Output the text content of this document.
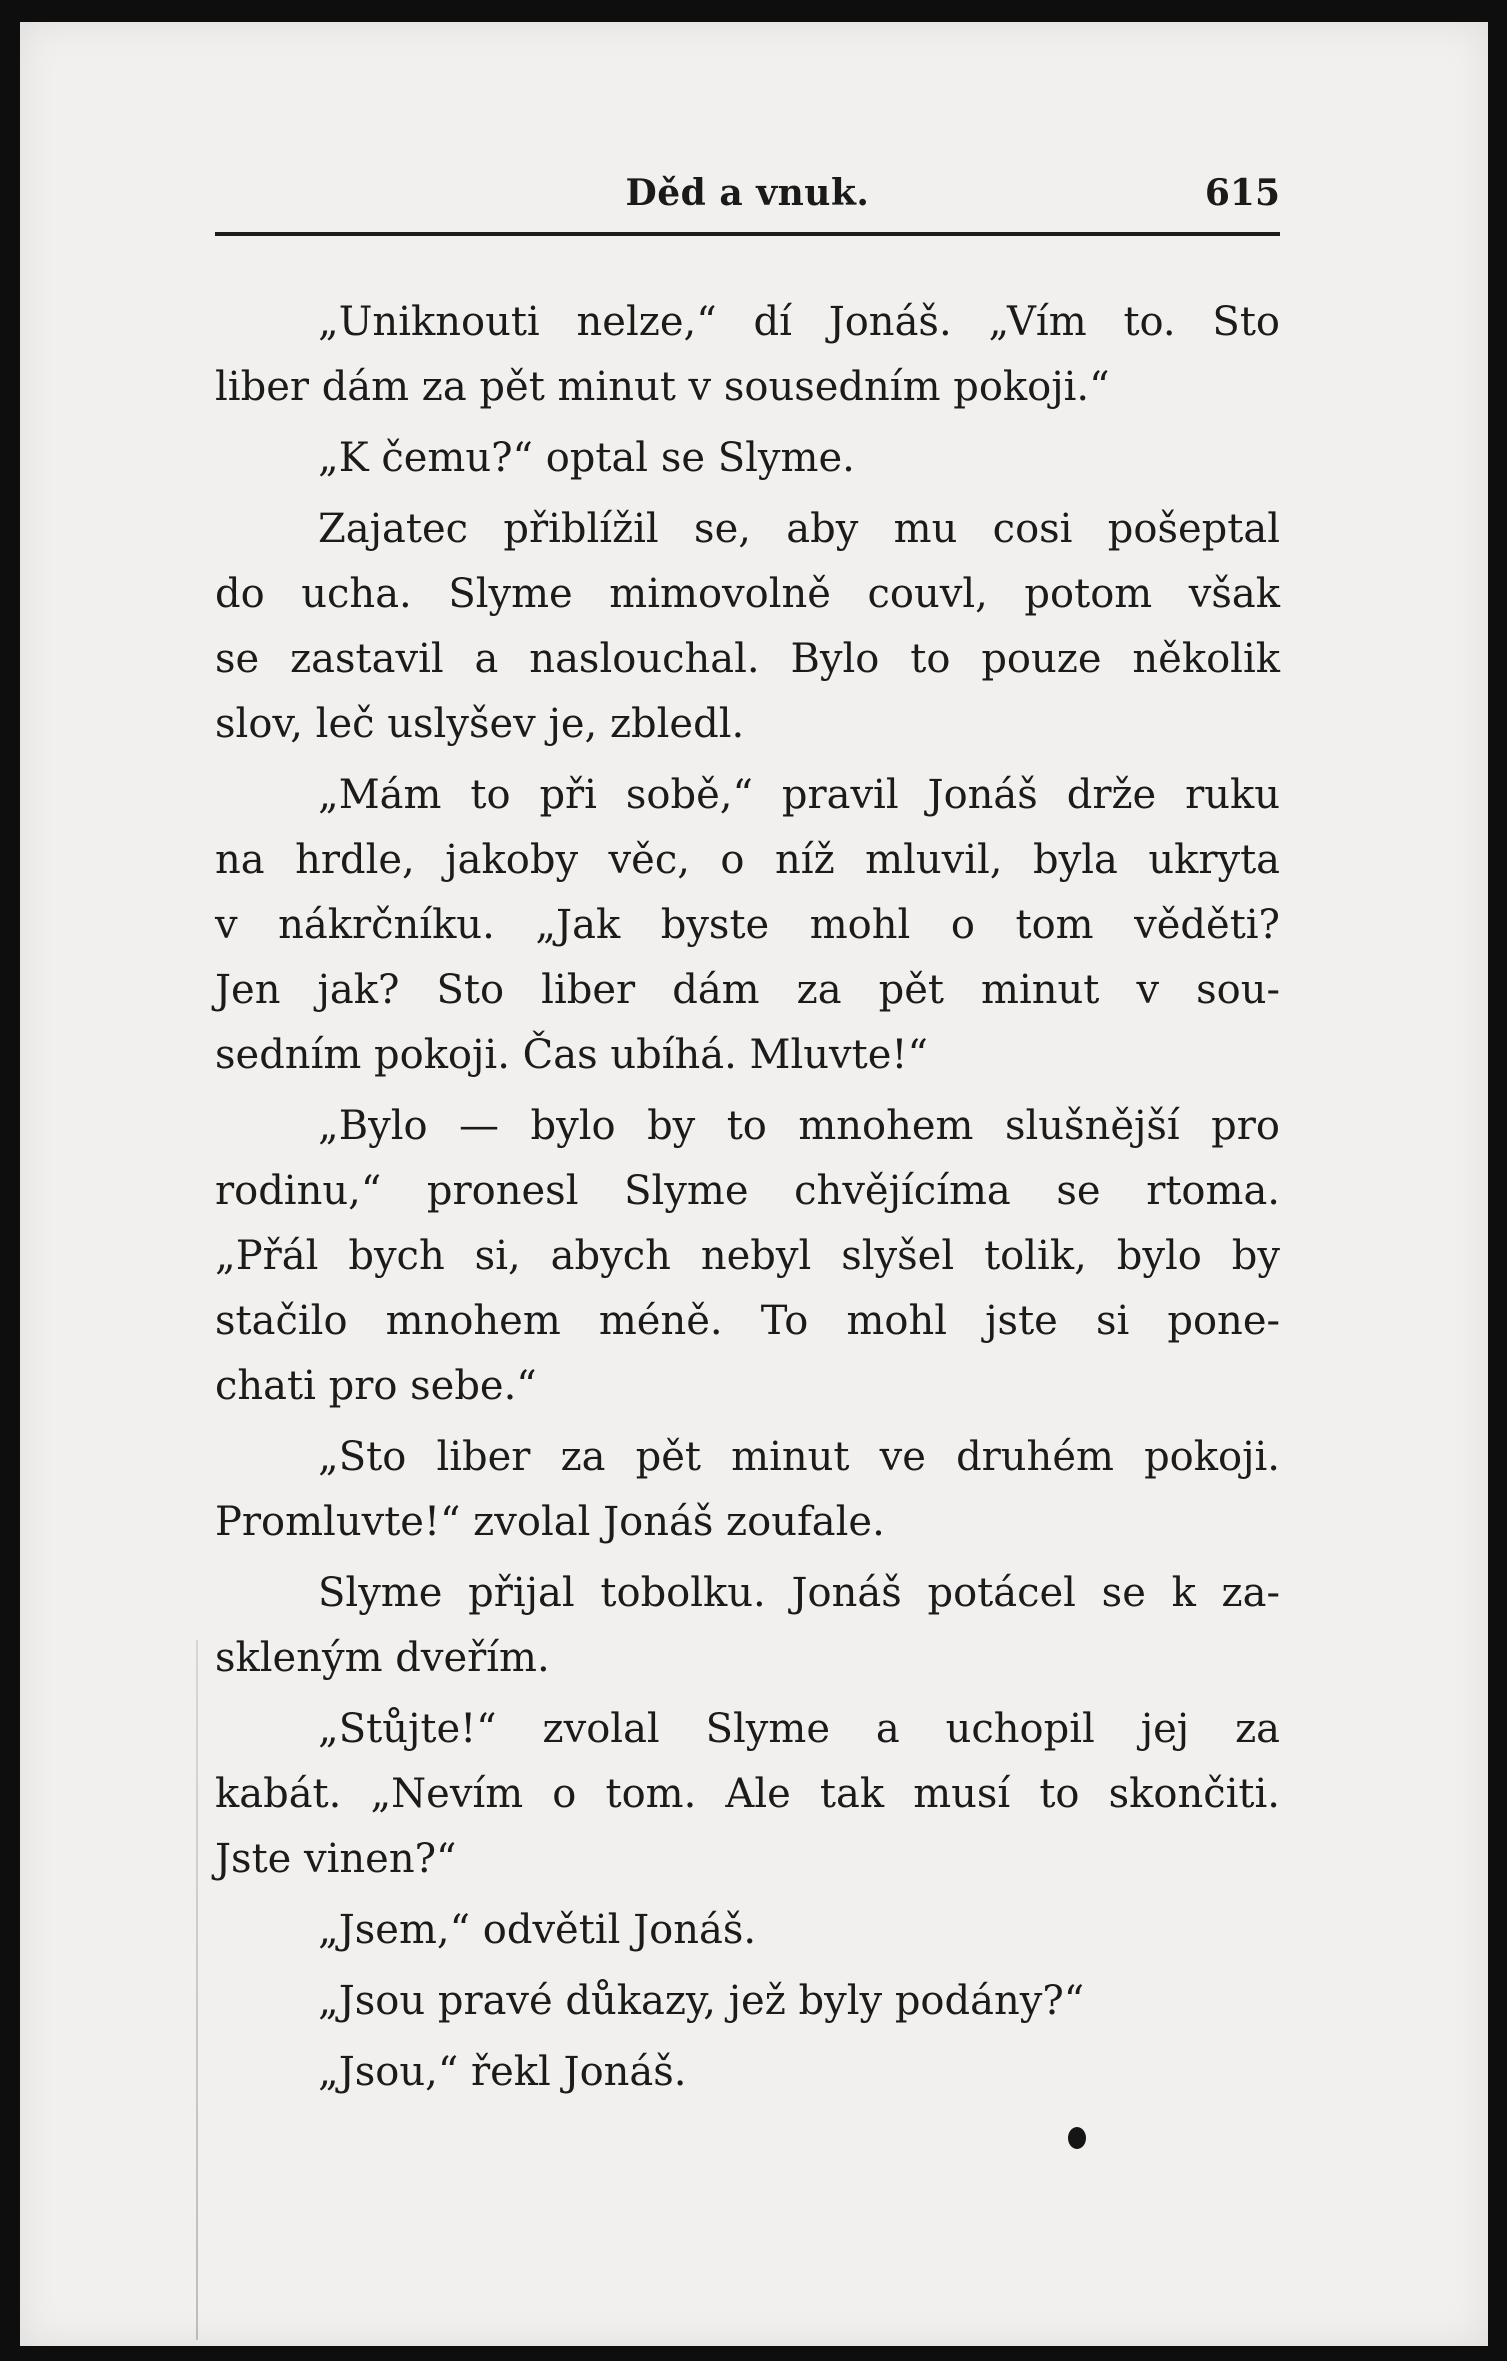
Děd a vnuk.	615
„Uniknouti nelze,“ dí Jonáš. „Vím to. Sto
liber dám za pět minut v sousedním pokoji.“
„K čemu?“ optal se Slyme.
Zajatec přiblížil se, aby mu cosi pošeptal
do ucha. Slyme mimovolně couvl, potom však
se zastavil a naslouchal. Bylo to pouze několik
slov, leč uslyšev je, zbledl.
„Mám to při sobě,“ pravil Jonáš drže ruku
na hrdle, jakoby věc, o níž mluvil, byla ukryta
v nákrčníku. „Jak byste mohl o tom věděti?
Jen jak? Sto liber dám za pět minut v sou-
sedním pokoji. Čas ubíhá. Mluvte!“
„Bylo — bylo by to mnohem slušnější pro
rodinu,“ pronesl Slyme chvějícíma se rtoma.
„Přál bych si, abych nebyl slyšel tolik, bylo by
stačilo mnohem méně. To mohl jste si pone-
chati pro sebe.“
„Sto liber za pět minut ve druhém pokoji.
Promluvte!“ zvolal Jonáš zoufale.
Slyme přijal tobolku. Jonáš potácel se k za-
skleným dveřím.
„Stůjte!“ zvolal Slyme a uchopil jej za
kabát. „Nevím o tom. Ale tak musí to skončiti.
Jste vinen?“
„Jsem,“ odvětil Jonáš.
„Jsou pravé důkazy, jež byly podány?“
„Jsou,“ řekl Jonáš.
